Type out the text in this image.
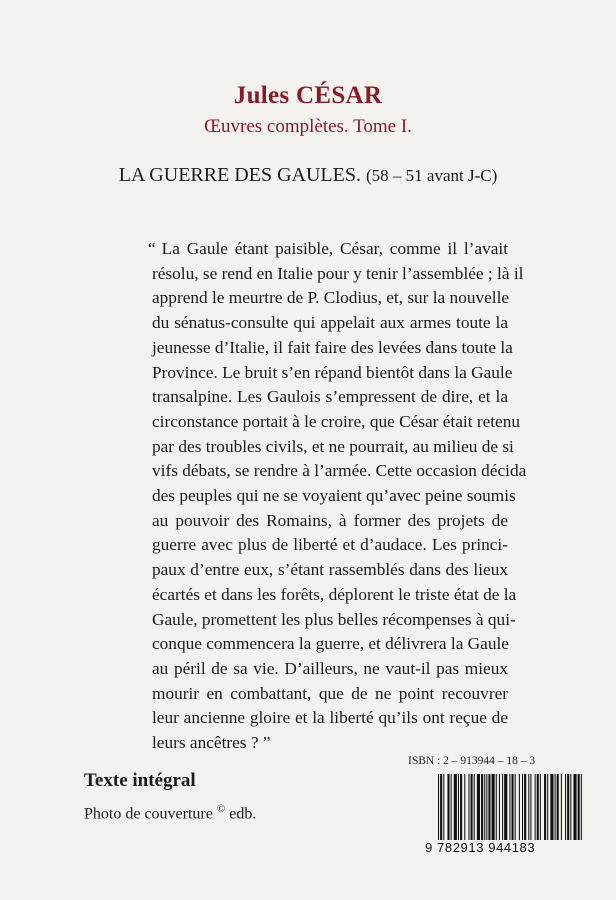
Jules CÉSAR
Œuvres complètes. Tome I.
LA GUERRE DES GAULES. (58 – 51 avant J-C)
“ La Gaule étant paisible, César, comme il l’avait
résolu, se rend en Italie pour y tenir l’assemblée ; là il
apprend le meurtre de P. Clodius, et, sur la nouvelle
du sénatus-consulte qui appelait aux armes toute la
jeunesse d’Italie, il fait faire des levées dans toute la
Province. Le bruit s’en répand bientôt dans la Gaule
transalpine. Les Gaulois s’empressent de dire, et la
circonstance portait à le croire, que César était retenu
par des troubles civils, et ne pourrait, au milieu de si
vifs débats, se rendre à l’armée. Cette occasion décida
des peuples qui ne se voyaient qu’avec peine soumis
au pouvoir des Romains, à former des projets de
guerre avec plus de liberté et d’audace. Les princi-
paux d’entre eux, s’étant rassemblés dans des lieux
écartés et dans les forêts, déplorent le triste état de la
Gaule, promettent les plus belles récompenses à qui-
conque commencera la guerre, et délivrera la Gaule
au péril de sa vie. D’ailleurs, ne vaut-il pas mieux
mourir en combattant, que de ne point recouvrer
leur ancienne gloire et la liberté qu’ils ont reçue de
leurs ancêtres ? ”
ISBN : 2 – 913944 – 18 – 3
9 782913 944183
Texte intégral
Photo de couverture © edb.
